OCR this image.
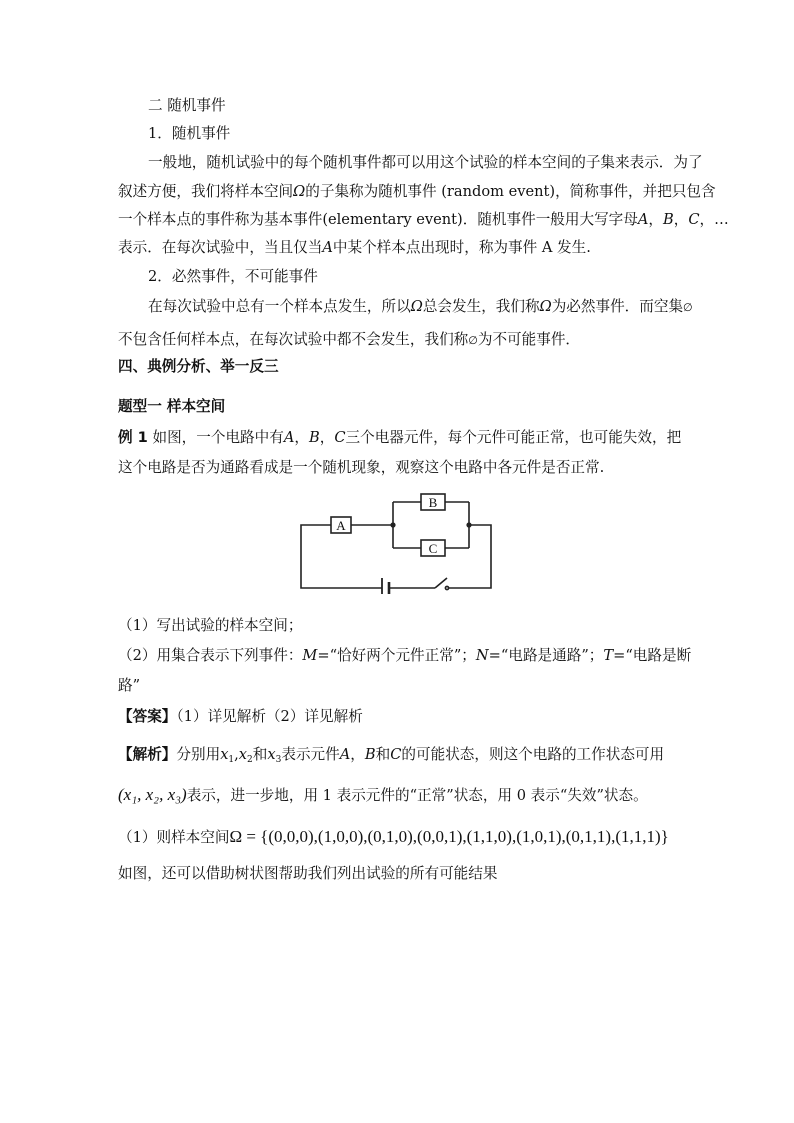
二 随机事件
1．随机事件
一般地，随机试验中的每个随机事件都可以用这个试验的样本空间的子集来表示．为了
叙述方便，我们将样本空间Ω的子集称为随机事件 (random event)，简称事件，并把只包含
一个样本点的事件称为基本事件(elementary event)．随机事件一般用大写字母A，B，C，…
表示．在每次试验中，当且仅当A中某个样本点出现时，称为事件 A 发生.
2．必然事件，不可能事件
在每次试验中总有一个样本点发生，所以Ω总会发生，我们称Ω为必然事件．而空集∅
不包含任何样本点，在每次试验中都不会发生，我们称∅为不可能事件．
四、典例分析、举一反三
题型一 样本空间
例 1 如图，一个电路中有A，B，C三个电器元件，每个元件可能正常，也可能失效，把
这个电路是否为通路看成是一个随机现象，观察这个电路中各元件是否正常.
A
B
C
（1）写出试验的样本空间；
（2）用集合表示下列事件：M=“恰好两个元件正常”；N=“电路是通路”；T=“电路是断
路”
【答案】（1）详见解析（2）详见解析
【解析】分别用$x_1,x_2$和$x_3$表示元件A，B和C的可能状态，则这个电路的工作状态可用
(x₁, x₂, x₃)表示，进一步地，用 1 表示元件的“正常”状态，用 0 表示“失效”状态。
（1）则样本空间Ω = {(0,0,0),(1,0,0),(0,1,0),(0,0,1),(1,1,0),(1,0,1),(0,1,1),(1,1,1)}
如图，还可以借助树状图帮助我们列出试验的所有可能结果
